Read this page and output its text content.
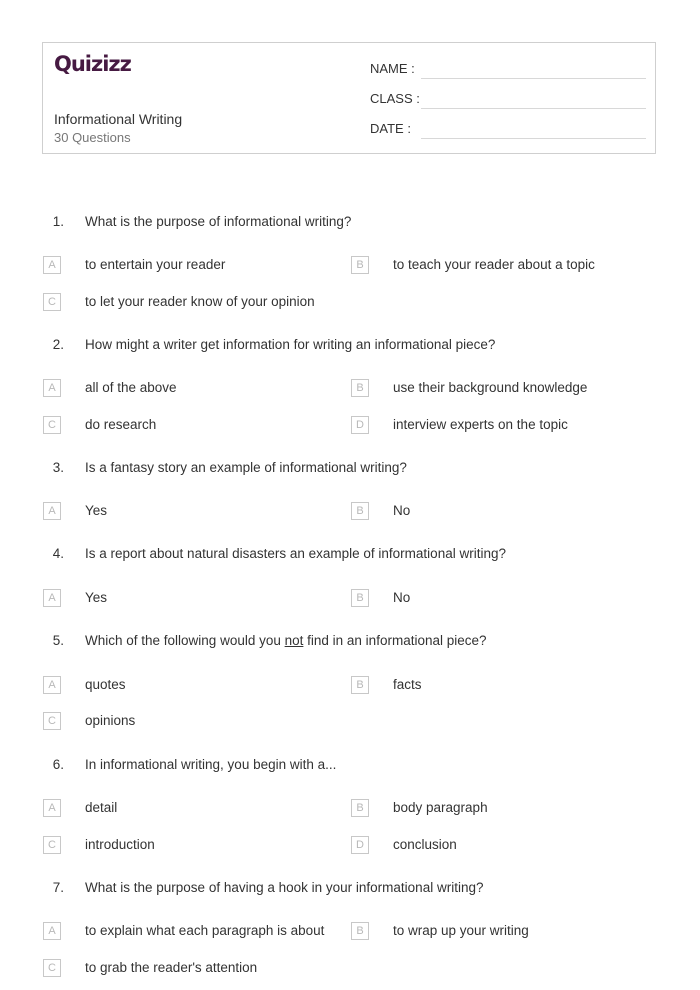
Quizizz
Informational Writing
30 Questions
NAME :
CLASS :
DATE :
1. What is the purpose of informational writing?
A	to entertain your reader	B	to teach your reader about a topic
C	to let your reader know of your opinion
2. How might a writer get information for writing an informational piece?
A	all of the above	B	use their background knowledge
C	do research	D	interview experts on the topic
3. Is a fantasy story an example of informational writing?
A	Yes	B	No
4. Is a report about natural disasters an example of informational writing?
A	Yes	B	No
5. Which of the following would you not find in an informational piece?
A	quotes	B	facts
C	opinions
6. In informational writing, you begin with a...
A	detail	B	body paragraph
C	introduction	D	conclusion
7. What is the purpose of having a hook in your informational writing?
A	to explain what each paragraph is about	B	to wrap up your writing
C	to grab the reader's attention
